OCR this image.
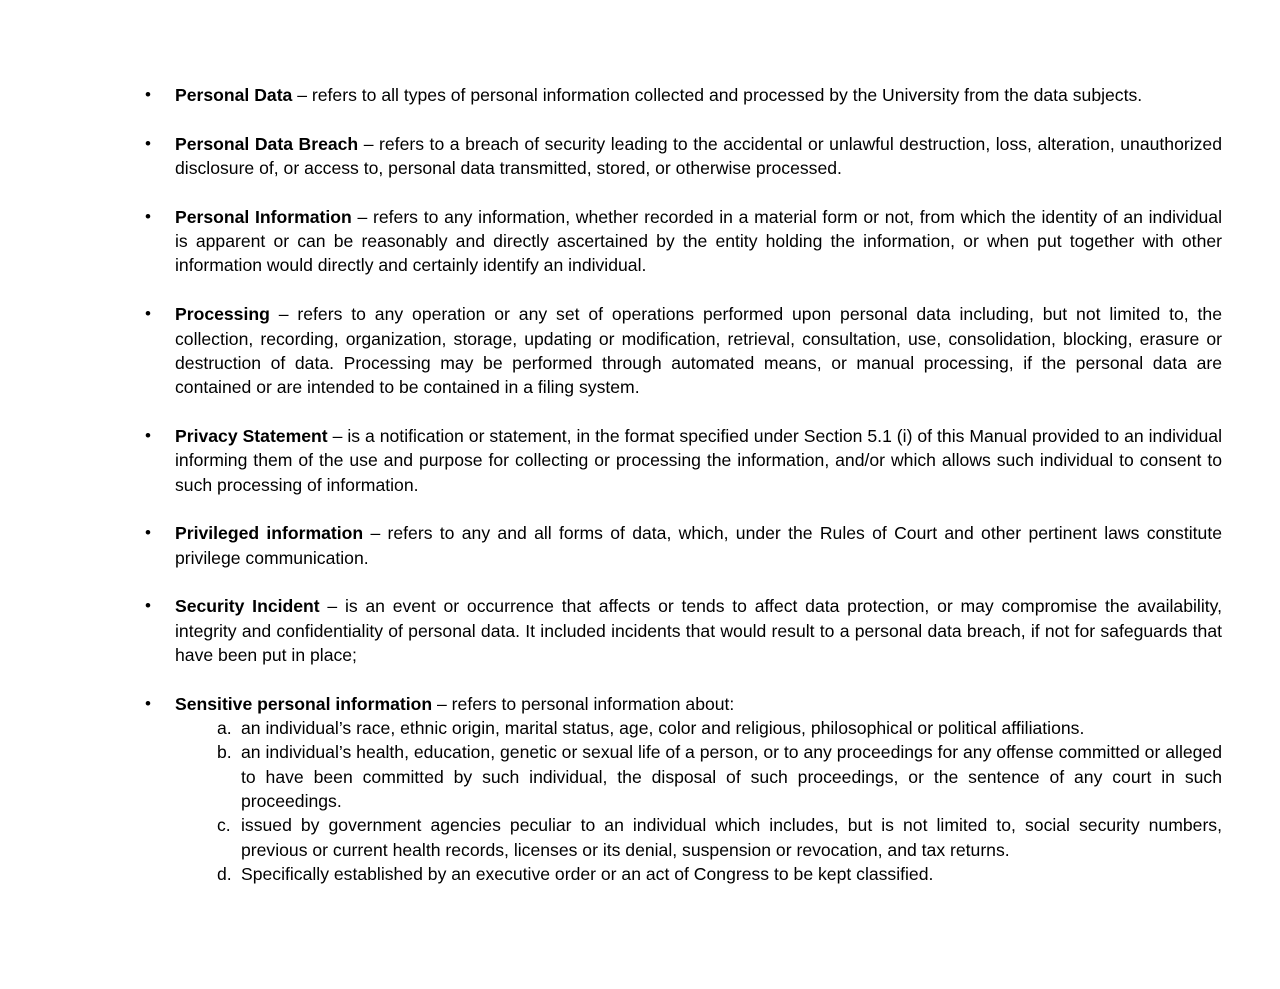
• Personal Data – refers to all types of personal information collected and processed by the University from the data subjects.
• Personal Data Breach – refers to a breach of security leading to the accidental or unlawful destruction, loss, alteration, unauthorized disclosure of, or access to, personal data transmitted, stored, or otherwise processed.
• Personal Information – refers to any information, whether recorded in a material form or not, from which the identity of an individual is apparent or can be reasonably and directly ascertained by the entity holding the information, or when put together with other information would directly and certainly identify an individual.
• Processing – refers to any operation or any set of operations performed upon personal data including, but not limited to, the collection, recording, organization, storage, updating or modification, retrieval, consultation, use, consolidation, blocking, erasure or destruction of data. Processing may be performed through automated means, or manual processing, if the personal data are contained or are intended to be contained in a filing system.
• Privacy Statement – is a notification or statement, in the format specified under Section 5.1 (i) of this Manual provided to an individual informing them of the use and purpose for collecting or processing the information, and/or which allows such individual to consent to such processing of information.
• Privileged information – refers to any and all forms of data, which, under the Rules of Court and other pertinent laws constitute privilege communication.
• Security Incident – is an event or occurrence that affects or tends to affect data protection, or may compromise the availability, integrity and confidentiality of personal data. It included incidents that would result to a personal data breach, if not for safeguards that have been put in place;
• Sensitive personal information – refers to personal information about:
a. an individual’s race, ethnic origin, marital status, age, color and religious, philosophical or political affiliations.
b. an individual’s health, education, genetic or sexual life of a person, or to any proceedings for any offense committed or alleged to have been committed by such individual, the disposal of such proceedings, or the sentence of any court in such proceedings.
c. issued by government agencies peculiar to an individual which includes, but is not limited to, social security numbers, previous or current health records, licenses or its denial, suspension or revocation, and tax returns.
d. Specifically established by an executive order or an act of Congress to be kept classified.
